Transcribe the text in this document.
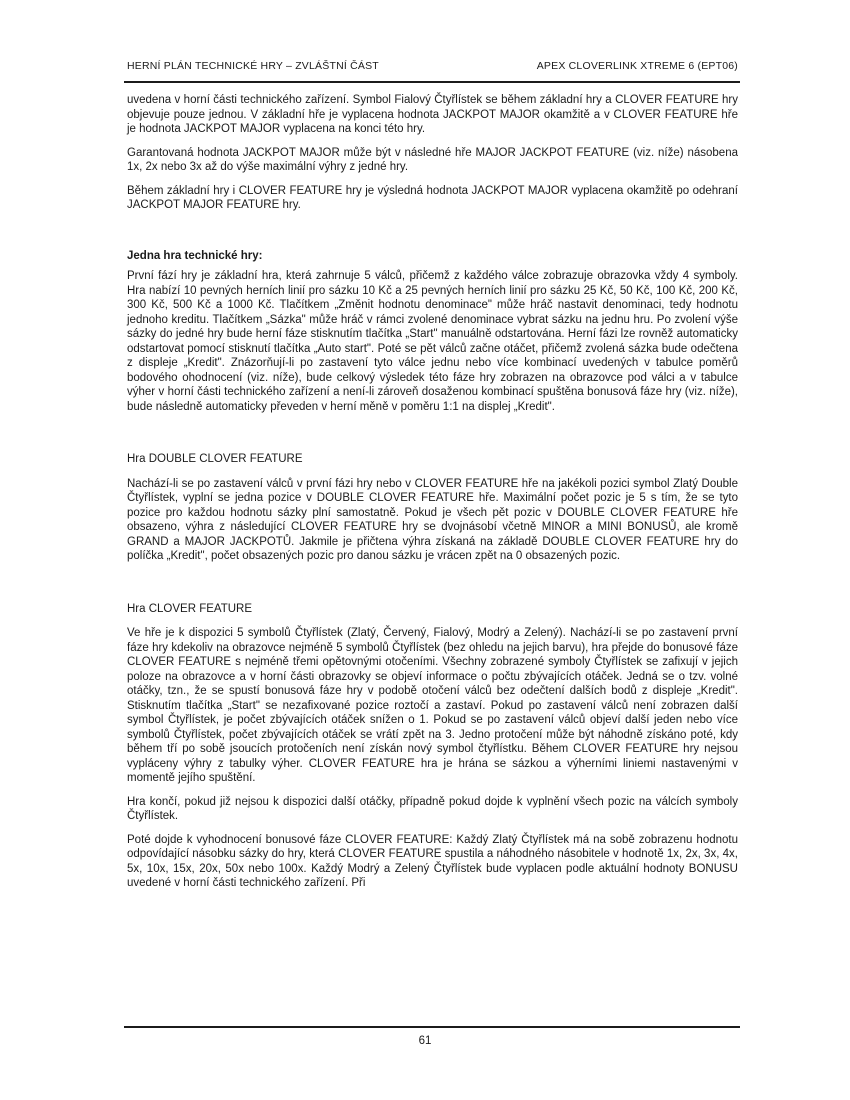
HERNÍ PLÁN TECHNICKÉ HRY – ZVLÁŠTNÍ ČÁST	APEX CLOVERLINK XTREME 6 (EPT06)

uvedena v horní části technického zařízení. Symbol Fialový Čtyřlístek se během základní hry a CLOVER FEATURE hry objevuje pouze jednou. V základní hře je vyplacena hodnota JACKPOT MAJOR okamžitě a v CLOVER FEATURE hře je hodnota JACKPOT MAJOR vyplacena na konci této hry.

Garantovaná hodnota JACKPOT MAJOR může být v následné hře MAJOR JACKPOT FEATURE (viz. níže) násobena 1x, 2x nebo 3x až do výše maximální výhry z jedné hry.

Během základní hry i CLOVER FEATURE hry je výsledná hodnota JACKPOT MAJOR vyplacena okamžitě po odehraní JACKPOT MAJOR FEATURE hry.

Jedna hra technické hry:

První fází hry je základní hra, která zahrnuje 5 válců, přičemž z každého válce zobrazuje obrazovka vždy 4 symboly. Hra nabízí 10 pevných herních linií pro sázku 10 Kč a 25 pevných herních linií pro sázku 25 Kč, 50 Kč, 100 Kč, 200 Kč, 300 Kč, 500 Kč a 1000 Kč. Tlačítkem „Změnit hodnotu denominace" může hráč nastavit denominaci, tedy hodnotu jednoho kreditu. Tlačítkem „Sázka" může hráč v rámci zvolené denominace vybrat sázku na jednu hru. Po zvolení výše sázky do jedné hry bude herní fáze stisknutím tlačítka „Start" manuálně odstartována. Herní fázi lze rovněž automaticky odstartovat pomocí stisknutí tlačítka „Auto start". Poté se pět válců začne otáčet, přičemž zvolená sázka bude odečtena z displeje „Kredit". Znázorňují-li po zastavení tyto válce jednu nebo více kombinací uvedených v tabulce poměrů bodového ohodnocení (viz. níže), bude celkový výsledek této fáze hry zobrazen na obrazovce pod válci a v tabulce výher v horní části technického zařízení a není-li zároveň dosaženou kombinací spuštěna bonusová fáze hry (viz. níže), bude následně automaticky převeden v herní měně v poměru 1:1 na displej „Kredit".

Hra DOUBLE CLOVER FEATURE

Nachází-li se po zastavení válců v první fázi hry nebo v CLOVER FEATURE hře na jakékoli pozici symbol Zlatý Double Čtyřlístek, vyplní se jedna pozice v DOUBLE CLOVER FEATURE hře. Maximální počet pozic je 5 s tím, že se tyto pozice pro každou hodnotu sázky plní samostatně. Pokud je všech pět pozic v DOUBLE CLOVER FEATURE hře obsazeno, výhra z následující CLOVER FEATURE hry se dvojnásobí včetně MINOR a MINI BONUSŮ, ale kromě GRAND a MAJOR JACKPOTŮ. Jakmile je přičtena výhra získaná na základě DOUBLE CLOVER FEATURE hry do políčka „Kredit", počet obsazených pozic pro danou sázku je vrácen zpět na 0 obsazených pozic.

Hra CLOVER FEATURE

Ve hře je k dispozici 5 symbolů Čtyřlístek (Zlatý, Červený, Fialový, Modrý a Zelený). Nachází-li se po zastavení první fáze hry kdekoliv na obrazovce nejméně 5 symbolů Čtyřlístek (bez ohledu na jejich barvu), hra přejde do bonusové fáze CLOVER FEATURE s nejméně třemi opětovnými otočeními. Všechny zobrazené symboly Čtyřlístek se zafixují v jejich poloze na obrazovce a v horní části obrazovky se objeví informace o počtu zbývajících otáček. Jedná se o tzv. volné otáčky, tzn., že se spustí bonusová fáze hry v podobě otočení válců bez odečtení dalších bodů z displeje „Kredit". Stisknutím tlačítka „Start" se nezafixované pozice roztočí a zastaví. Pokud po zastavení válců není zobrazen další symbol Čtyřlístek, je počet zbývajících otáček snížen o 1. Pokud se po zastavení válců objeví další jeden nebo více symbolů Čtyřlístek, počet zbývajících otáček se vrátí zpět na 3. Jedno protočení může být náhodně získáno poté, kdy během tří po sobě jsoucích protočeních není získán nový symbol čtyřlístku. Během CLOVER FEATURE hry nejsou vypláceny výhry z tabulky výher. CLOVER FEATURE hra je hrána se sázkou a výherními liniemi nastavenými v momentě jejího spuštění.

Hra končí, pokud již nejsou k dispozici další otáčky, případně pokud dojde k vyplnění všech pozic na válcích symboly Čtyřlístek.

Poté dojde k vyhodnocení bonusové fáze CLOVER FEATURE: Každý Zlatý Čtyřlístek má na sobě zobrazenu hodnotu odpovídající násobku sázky do hry, která CLOVER FEATURE spustila a náhodného násobitele v hodnotě 1x, 2x, 3x, 4x, 5x, 10x, 15x, 20x, 50x nebo 100x. Každý Modrý a Zelený Čtyřlístek bude vyplacen podle aktuální hodnoty BONUSU uvedené v horní části technického zařízení. Při

61
